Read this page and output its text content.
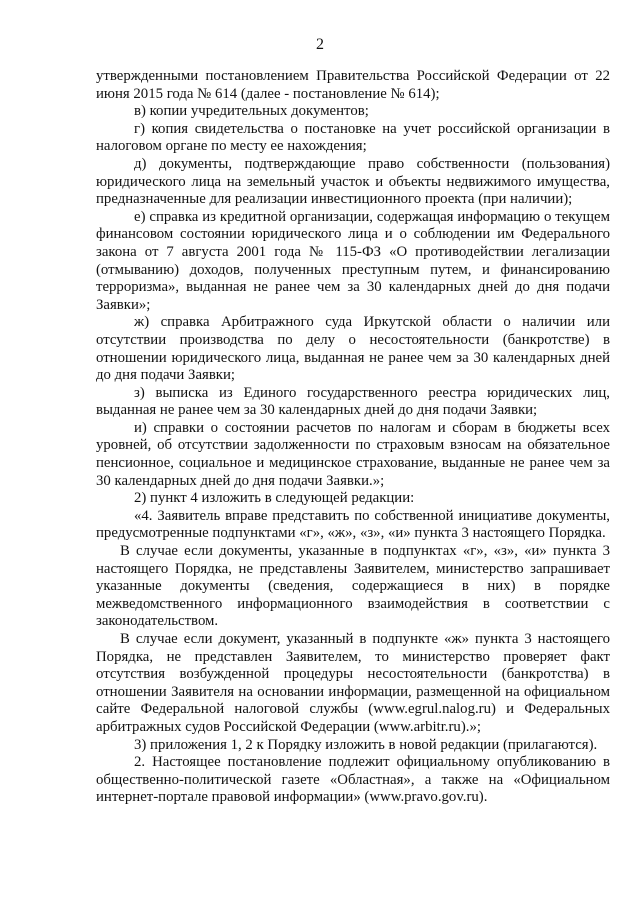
2

утвержденными постановлением Правительства Российской Федерации от 22 июня 2015 года № 614 (далее - постановление № 614);

в) копии учредительных документов;

г) копия свидетельства о постановке на учет российской организации в налоговом органе по месту ее нахождения;

д) документы, подтверждающие право собственности (пользования) юридического лица на земельный участок и объекты недвижимого имущества, предназначенные для реализации инвестиционного проекта (при наличии);

е) справка из кредитной организации, содержащая информацию о текущем финансовом состоянии юридического лица и о соблюдении им Федерального закона от 7 августа 2001 года № 115-ФЗ «О противодействии легализации (отмыванию) доходов, полученных преступным путем, и финансированию терроризма», выданная не ранее чем за 30 календарных дней до дня подачи Заявки»;

ж) справка Арбитражного суда Иркутской области о наличии или отсутствии производства по делу о несостоятельности (банкротстве) в отношении юридического лица, выданная не ранее чем за 30 календарных дней до дня подачи Заявки;

з) выписка из Единого государственного реестра юридических лиц, выданная не ранее чем за 30 календарных дней до дня подачи Заявки;

и) справки о состоянии расчетов по налогам и сборам в бюджеты всех уровней, об отсутствии задолженности по страховым взносам на обязательное пенсионное, социальное и медицинское страхование, выданные не ранее чем за 30 календарных дней до дня подачи Заявки.»;

2) пункт 4 изложить в следующей редакции:

«4. Заявитель вправе представить по собственной инициативе документы, предусмотренные подпунктами «г», «ж», «з», «и» пункта 3 настоящего Порядка.

В случае если документы, указанные в подпунктах «г», «з», «и» пункта 3 настоящего Порядка, не представлены Заявителем, министерство запрашивает указанные документы (сведения, содержащиеся в них) в порядке межведомственного информационного взаимодействия в соответствии с законодательством.

В случае если документ, указанный в подпункте «ж» пункта 3 настоящего Порядка, не представлен Заявителем, то министерство проверяет факт отсутствия возбужденной процедуры несостоятельности (банкротства) в отношении Заявителя на основании информации, размещенной на официальном сайте Федеральной налоговой службы (www.egrul.nalog.ru) и Федеральных арбитражных судов Российской Федерации (www.arbitr.ru).»;

3) приложения 1, 2 к Порядку изложить в новой редакции (прилагаются).

2. Настоящее постановление подлежит официальному опубликованию в общественно-политической газете «Областная», а также на «Официальном интернет-портале правовой информации» (www.pravo.gov.ru).
